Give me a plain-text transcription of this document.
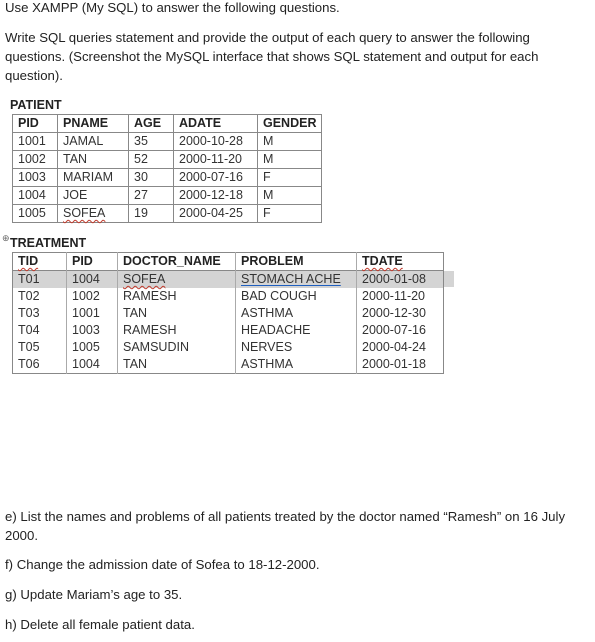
Use XAMPP (My SQL) to answer the following questions.
Write SQL queries statement and provide the output of each query to answer the following questions. (Screenshot the MySQL interface that shows SQL statement and output for each question).
PATIENT
PID	PNAME	AGE	ADATE	GENDER
1001	JAMAL	35	2000-10-28	M
1002	TAN	52	2000-11-20	M
1003	MARIAM	30	2000-07-16	F
1004	JOE	27	2000-12-18	M
1005	SOFEA	19	2000-04-25	F
⊕ TREATMENT
TID	PID	DOCTOR_NAME	PROBLEM	TDATE
T01	1004	SOFEA	STOMACH ACHE	2000-01-08
T02	1002	RAMESH	BAD COUGH	2000-11-20
T03	1001	TAN	ASTHMA	2000-12-30
T04	1003	RAMESH	HEADACHE	2000-07-16
T05	1005	SAMSUDIN	NERVES	2000-04-24
T06	1004	TAN	ASTHMA	2000-01-18
e) List the names and problems of all patients treated by the doctor named “Ramesh” on 16 July 2000.
f) Change the admission date of Sofea to 18-12-2000.
g) Update Mariam’s age to 35.
h) Delete all female patient data.
